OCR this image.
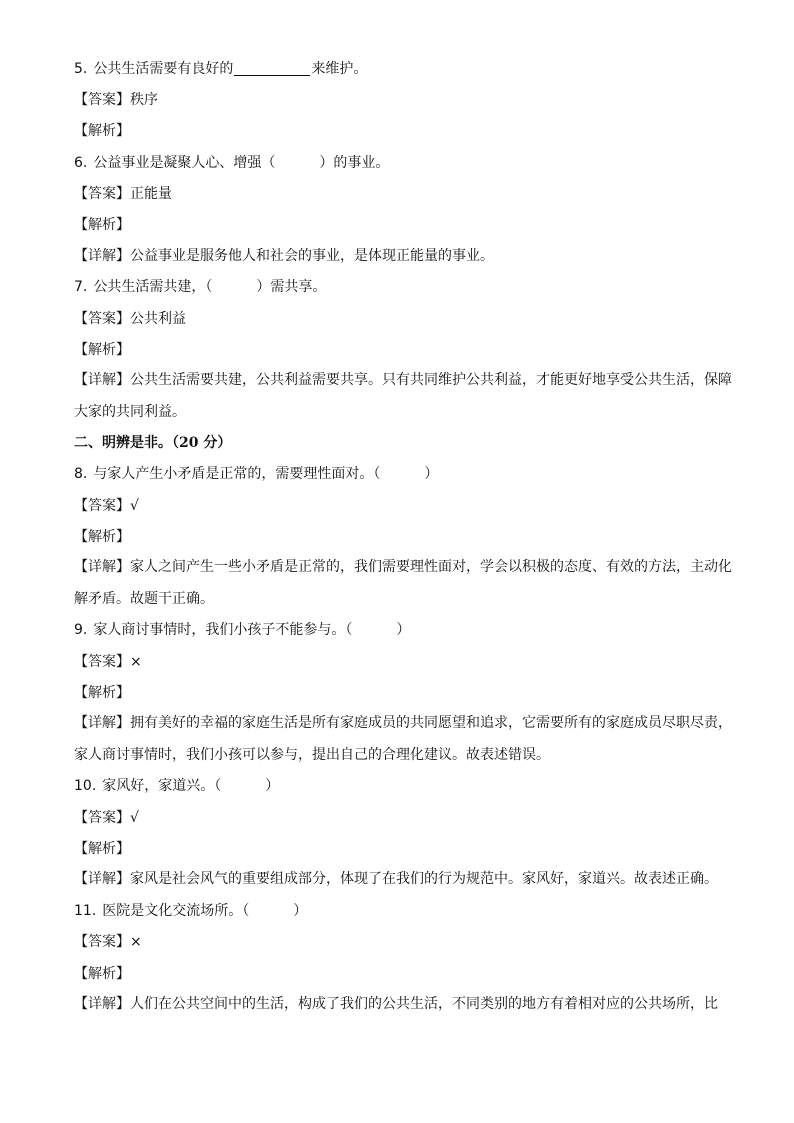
5. 公共生活需要有良好的	来维护。
【答案】 秩序
【解析】
6. 公益事业是凝聚人心、增强（	）的事业。
【答案】 正能量
【解析】
【详解】公益事业是服务他人和社会的事业，是体现正能量的事业。
7. 公共生活需共建，（	）需共享。
【答案】 公共利益
【解析】
【详解】公共生活需要共建，公共利益需要共享。只有共同维护公共利益，才能更好地享受公共生活，保障大家的共同利益。
二、明辨是非。（20 分）
8. 与家人产生小矛盾是正常的，需要理性面对。（	）
【答案】 √
【解析】
【详解】家人之间产生一些小矛盾是正常的，我们需要理性面对，学会以积极的态度、有效的方法，主动化解矛盾。故题干正确。
9. 家人商讨事情时，我们小孩子不能参与。（	）
【答案】 ×
【解析】
【详解】拥有美好的幸福的家庭生活是所有家庭成员的共同愿望和追求，它需要所有的家庭成员尽职尽责，家人商讨事情时，我们小孩可以参与，提出自己的合理化建议。故表述错误。
10. 家风好，家道兴。（	）
【答案】 √
【解析】
【详解】家风是社会风气的重要组成部分，体现了在我们的行为规范中。家风好，家道兴。故表述正确。
11. 医院是文化交流场所。（	）
【答案】 ×
【解析】
【详解】人们在公共空间中的生活，构成了我们的公共生活，不同类别的地方有着相对应的公共场所，比
